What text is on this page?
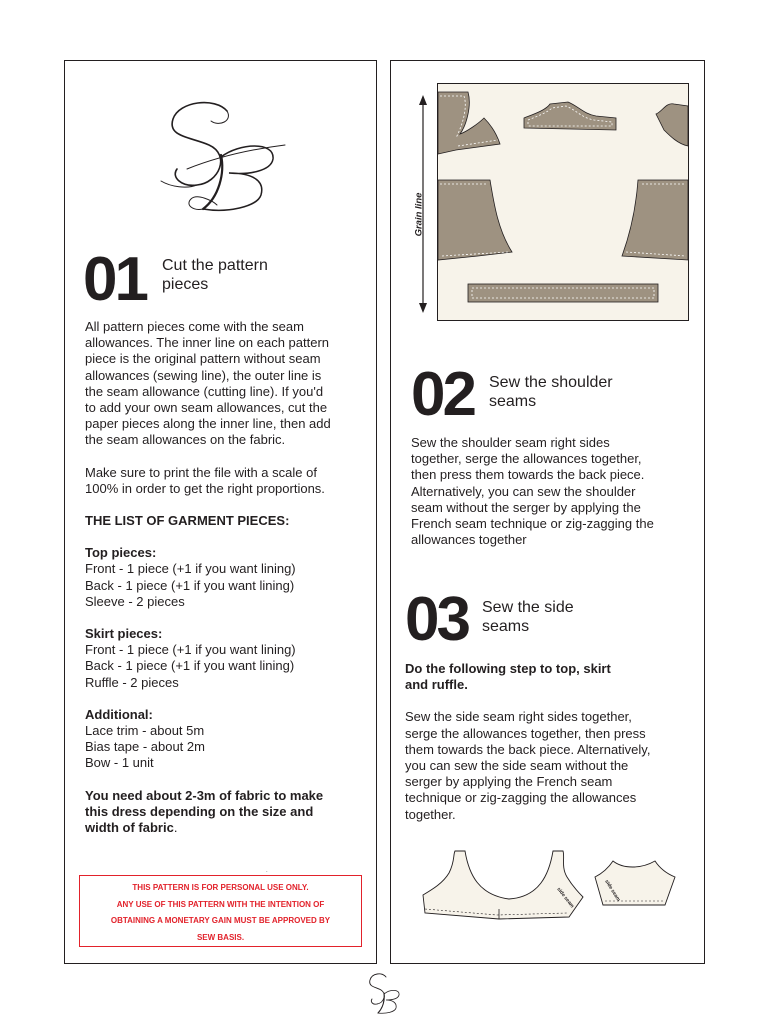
01 Cut the pattern
pieces
All pattern pieces come with the seam
allowances. The inner line on each pattern
piece is the original pattern without seam
allowances (sewing line), the outer line is
the seam allowance (cutting line). If you'd
to add your own seam allowances, cut the
paper pieces along the inner line, then add
the seam allowances on the fabric.
Make sure to print the file with a scale of
100% in order to get the right proportions.
THE LIST OF GARMENT PIECES:
Top pieces:
Front - 1 piece (+1 if you want lining)
Back - 1 piece (+1 if you want lining)
Sleeve - 2 pieces
Skirt pieces:
Front - 1 piece (+1 if you want lining)
Back - 1 piece (+1 if you want lining)
Ruffle - 2 pieces
Additional:
Lace trim - about 5m
Bias tape - about 2m
Bow - 1 unit
You need about 2-3m of fabric to make
this dress depending on the size and
width of fabric.
THIS PATTERN IS FOR PERSONAL USE ONLY.
ANY USE OF THIS PATTERN WITH THE INTENTION OF
OBTAINING A MONETARY GAIN MUST BE APPROVED BY
SEW BASIS.
Grain line
02 Sew the shoulder
seams
Sew the shoulder seam right sides
together, serge the allowances together,
then press them towards the back piece.
Alternatively, you can sew the shoulder
seam without the serger by applying the
French seam technique or zig-zagging the
allowances together
03 Sew the side
seams
Do the following step to top, skirt
and ruffle.
Sew the side seam right sides together,
serge the allowances together, then press
them towards the back piece. Alternatively,
you can sew the side seam without the
serger by applying the French seam
technique or zig-zagging the allowances
together.
side seam	side seam
SB
